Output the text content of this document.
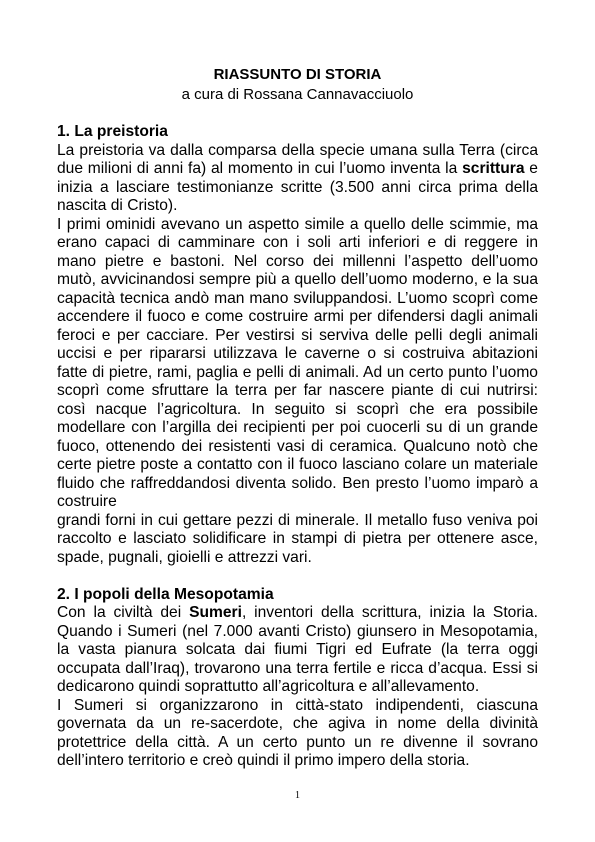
RIASSUNTO DI STORIA
a cura di Rossana Cannavacciuolo
1. La preistoria

La preistoria va dalla comparsa della specie umana sulla Terra (circa due milioni di anni fa) al momento in cui l’uomo inventa la scrittura e inizia a lasciare testimonianze scritte (3.500 anni circa prima della nascita di Cristo).

I primi ominidi avevano un aspetto simile a quello delle scimmie, ma erano capaci di camminare con i soli arti inferiori e di reggere in mano pietre e bastoni. Nel corso dei millenni l’aspetto dell’uomo mutò, avvicinandosi sempre più a quello dell’uomo moderno, e la sua capacità tecnica andò man mano sviluppandosi. L’uomo scoprì come accendere il fuoco e come costruire armi per difendersi dagli animali feroci e per cacciare. Per vestirsi si serviva delle pelli degli animali uccisi e per ripararsi utilizzava le caverne o si costruiva abitazioni fatte di pietre, rami, paglia e pelli di animali. Ad un certo punto l’uomo scoprì come sfruttare la terra per far nascere piante di cui nutrirsi: così nacque l’agricoltura. In seguito si scoprì che era possibile modellare con l’argilla dei recipienti per poi cuocerli su di un grande fuoco, ottenendo dei resistenti vasi di ceramica. Qualcuno notò che certe pietre poste a contatto con il fuoco lasciano colare un materiale fluido che raffreddandosi diventa solido. Ben presto l’uomo imparò a costruire

grandi forni in cui gettare pezzi di minerale. Il metallo fuso veniva poi raccolto e lasciato solidificare in stampi di pietra per ottenere asce, spade, pugnali, gioielli e attrezzi vari.

2. I popoli della Mesopotamia

Con la civiltà dei Sumeri, inventori della scrittura, inizia la Storia. Quando i Sumeri (nel 7.000 avanti Cristo) giunsero in Mesopotamia, la vasta pianura solcata dai fiumi Tigri ed Eufrate (la terra oggi occupata dall’Iraq), trovarono una terra fertile e ricca d’acqua. Essi si dedicarono quindi soprattutto all’agricoltura e all’allevamento.

I Sumeri si organizzarono in città-stato indipendenti, ciascuna governata da un re-sacerdote, che agiva in nome della divinità protettrice della città. A un certo punto un re divenne il sovrano dell’intero territorio e creò quindi il primo impero della storia.

1
